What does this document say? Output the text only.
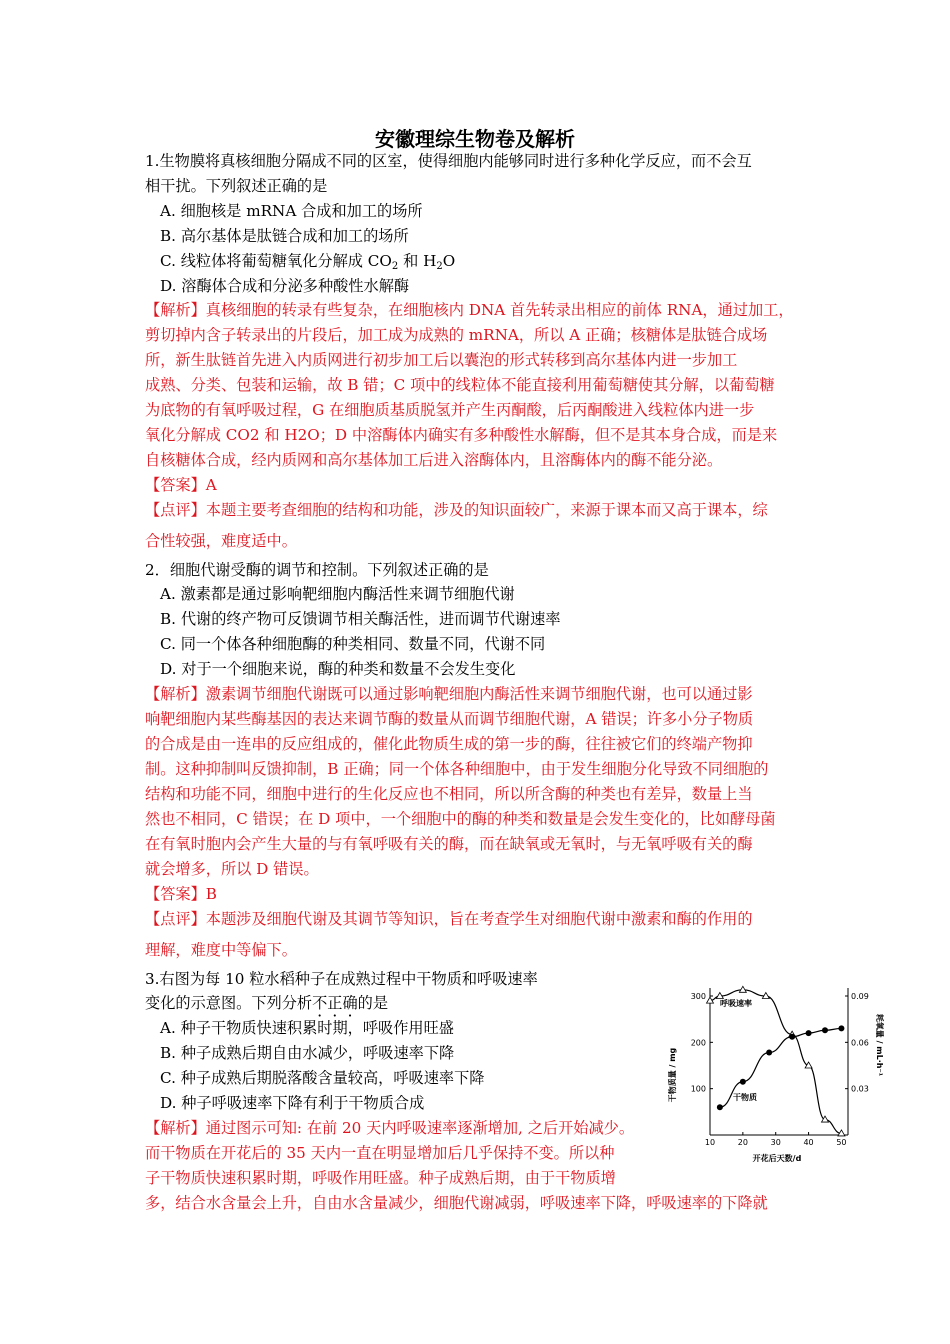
安徽理综生物卷及解析
1.生物膜将真核细胞分隔成不同的区室，使得细胞内能够同时进行多种化学反应，而不会互
相干扰。下列叙述正确的是
A. 细胞核是 mRNA 合成和加工的场所
B. 高尔基体是肽链合成和加工的场所
C. 线粒体将葡萄糖氧化分解成 $CO_2$ 和 $H_2O$
D. 溶酶体合成和分泌多种酸性水解酶
【解析】真核细胞的转录有些复杂，在细胞核内 DNA 首先转录出相应的前体 RNA，通过加工，
剪切掉内含子转录出的片段后，加工成为成熟的 mRNA，所以 A 正确；核糖体是肽链合成场
所，新生肽链首先进入内质网进行初步加工后以囊泡的形式转移到高尔基体内进一步加工
成熟、分类、包装和运输，故 B 错；C 项中的线粒体不能直接利用葡萄糖使其分解，以葡萄糖
为底物的有氧呼吸过程，G 在细胞质基质脱氢并产生丙酮酸，后丙酮酸进入线粒体内进一步
氧化分解成 CO2 和 H2O；D 中溶酶体内确实有多种酸性水解酶，但不是其本身合成，而是来
自核糖体合成，经内质网和高尔基体加工后进入溶酶体内，且溶酶体内的酶不能分泌。
【答案】A
【点评】本题主要考查细胞的结构和功能，涉及的知识面较广，来源于课本而又高于课本，综
合性较强，难度适中。
2．细胞代谢受酶的调节和控制。下列叙述正确的是
A. 激素都是通过影响靶细胞内酶活性来调节细胞代谢
B. 代谢的终产物可反馈调节相关酶活性，进而调节代谢速率
C. 同一个体各种细胞酶的种类相同、数量不同，代谢不同
D. 对于一个细胞来说，酶的种类和数量不会发生变化
【解析】激素调节细胞代谢既可以通过影响靶细胞内酶活性来调节细胞代谢，也可以通过影
响靶细胞内某些酶基因的表达来调节酶的数量从而调节细胞代谢，A 错误；许多小分子物质
的合成是由一连串的反应组成的，催化此物质生成的第一步的酶，往往被它们的终端产物抑
制。这种抑制叫反馈抑制，B 正确；同一个体各种细胞中，由于发生细胞分化导致不同细胞的
结构和功能不同，细胞中进行的生化反应也不相同，所以所含酶的种类也有差异，数量上当
然也不相同，C 错误；在 D 项中，一个细胞中的酶的种类和数量是会发生变化的，比如酵母菌
在有氧时胞内会产生大量的与有氧呼吸有关的酶，而在缺氧或无氧时，与无氧呼吸有关的酶
就会增多，所以 D 错误。
【答案】B
【点评】本题涉及细胞代谢及其调节等知识，旨在考查学生对细胞代谢中激素和酶的作用的
理解，难度中等偏下。
3.右图为每 10 粒水稻种子在成熟过程中干物质和呼吸速率
变化的示意图。下列分析不正确的是
A. 种子干物质快速积累时期，呼吸作用旺盛
B. 种子成熟后期自由水减少，呼吸速率下降
C. 种子成熟后期脱落酸含量较高，呼吸速率下降
D. 种子呼吸速率下降有利于干物质合成
【解析】通过图示可知: 在前 20 天内呼吸速率逐渐增加, 之后开始减少。
而干物质在开花后的 35 天内一直在明显增加后几乎保持不变。所以种
子干物质快速积累时期，呼吸作用旺盛。种子成熟后期，由于干物质增
多，结合水含量会上升，自由水含量减少，细胞代谢减弱，呼吸速率下降，呼吸速率的下降就
10	20	30	40	50
100
200
300
0.03
0.06
0.09
开花后天数/d
干物质量 / mg	耗氧量 / mL·h⁻¹
呼吸速率
干物质
